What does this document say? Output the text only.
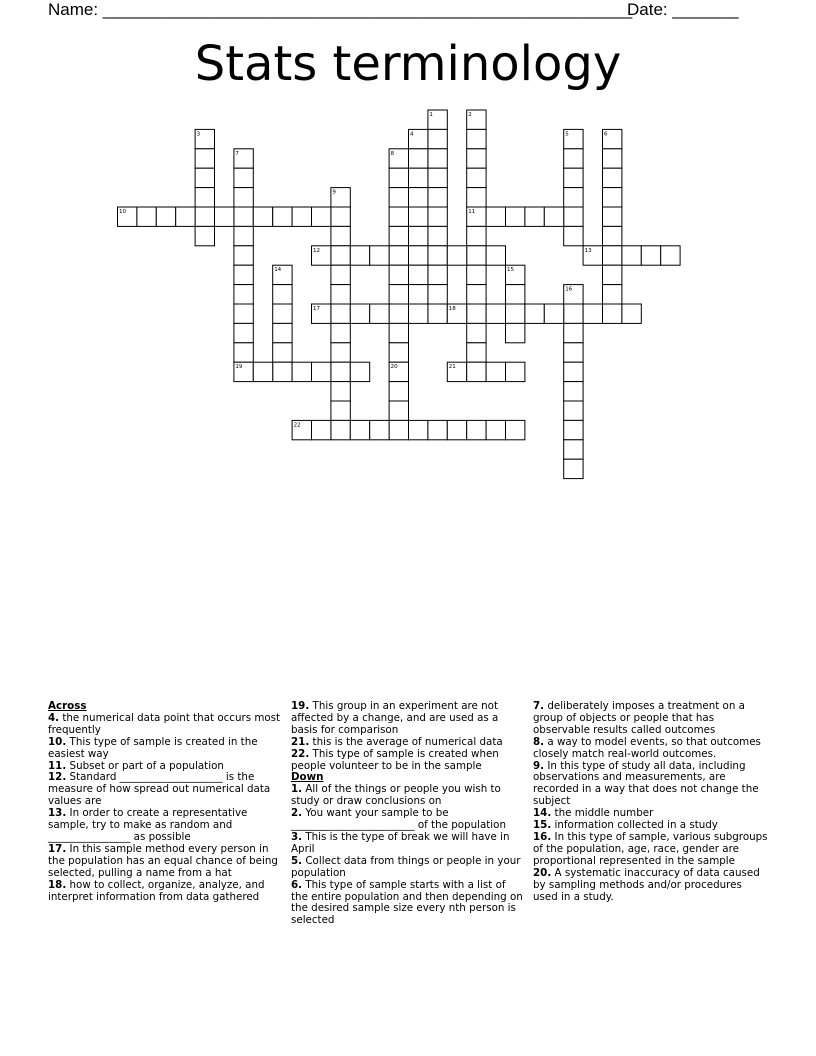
Name: ________________________________________________________
Date: _______
Stats terminology
1	2
3	4	5	6
7	8
9
10	11
12	13
14	15
16
17	18
19	20	21
22

Across

4. the numerical data point that occurs most frequently

10. This type of sample is created in the easiest way

11. Subset or part of a population

12. Standard ____________________ is the measure of how spread out numerical data values are

13. In order to create a representative sample, try to make as random and ________________ as possible

17. In this sample method every person in the population has an equal chance of being selected, pulling a name from a hat

18. how to collect, organize, analyze, and interpret information from data gathered

19. This group in an experiment are not affected by a change, and are used as a basis for comparison

21. this is the average of numerical data

22. This type of sample is created when people volunteer to be in the sample

Down

1. All of the things or people you wish to study or draw conclusions on

2. You want your sample to be ________________________ of the population

3. This is the type of break we will have in April

5. Collect data from things or people in your population

6. This type of sample starts with a list of the entire population and then depending on the desired sample size every nth person is selected

7. deliberately imposes a treatment on a group of objects or people that has observable results called outcomes

8. a way to model events, so that outcomes closely match real-world outcomes.

9. In this type of study all data, including observations and measurements, are recorded in a way that does not change the subject

14. the middle number

15. information collected in a study

16. In this type of sample, various subgroups of the population, age, race, gender are proportional represented in the sample

20. A systematic inaccuracy of data caused by sampling methods and/or procedures used in a study.
